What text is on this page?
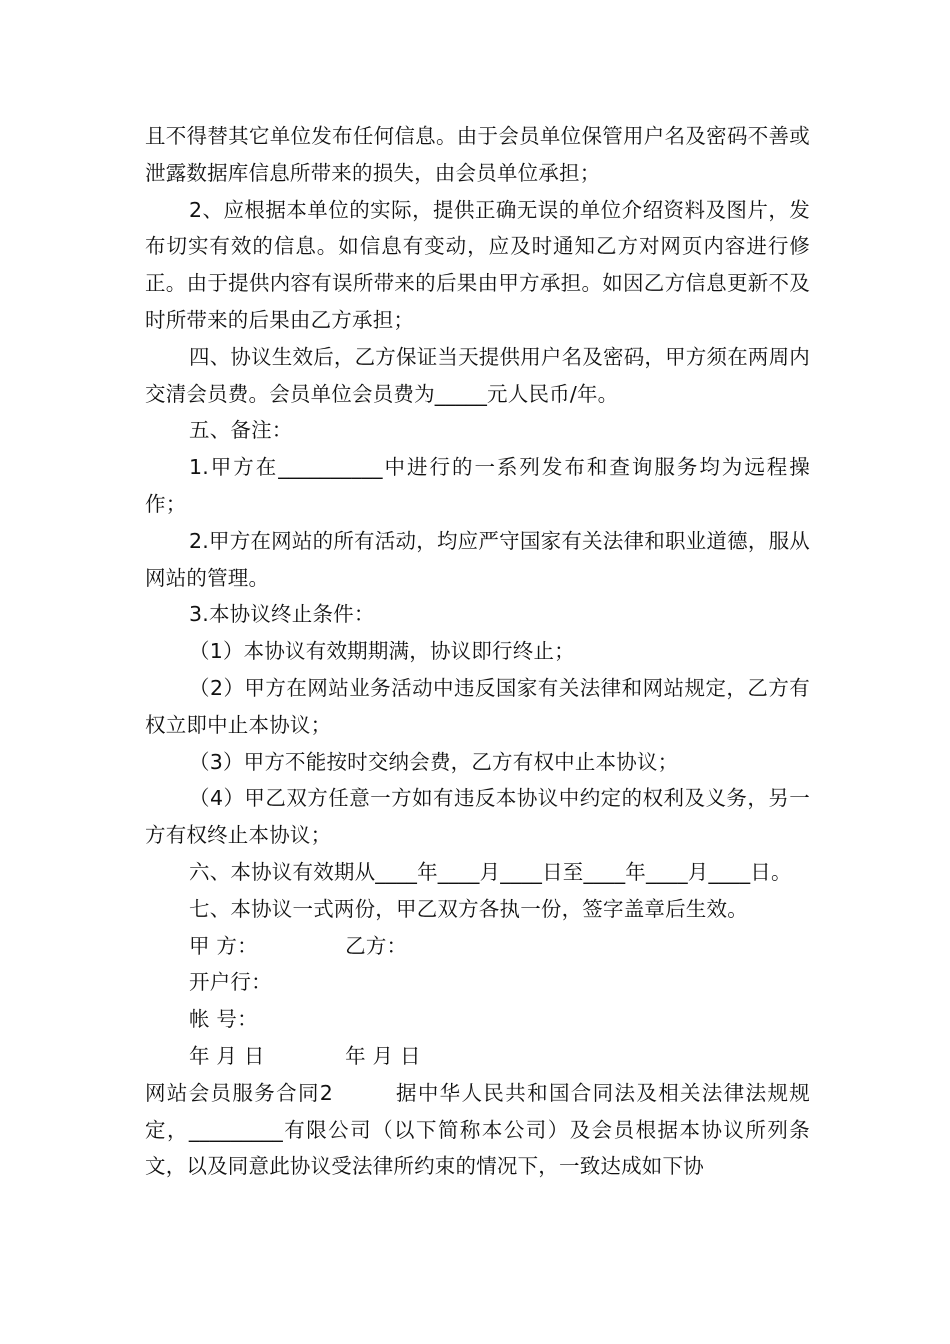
且不得替其它单位发布任何信息。由于会员单位保管用户名及密码不善或泄露数据库信息所带来的损失，由会员单位承担；

2、应根据本单位的实际，提供正确无误的单位介绍资料及图片，发布切实有效的信息。如信息有变动，应及时通知乙方对网页内容进行修正。由于提供内容有误所带来的后果由甲方承担。如因乙方信息更新不及时所带来的后果由乙方承担；

四、协议生效后，乙方保证当天提供用户名及密码，甲方须在两周内交清会员费。会员单位会员费为_____元人民币/年。

五、备注：

1.甲方在__________中进行的一系列发布和查询服务均为远程操作；

2.甲方在网站的所有活动，均应严守国家有关法律和职业道德，服从网站的管理。

3.本协议终止条件：

（1）本协议有效期期满，协议即行终止；

（2）甲方在网站业务活动中违反国家有关法律和网站规定，乙方有权立即中止本协议；

（3）甲方不能按时交纳会费，乙方有权中止本协议；

（4）甲乙双方任意一方如有违反本协议中约定的权利及义务，另一方有权终止本协议；

六、本协议有效期从____年____月____日至____年____月____日。

七、本协议一式两份，甲乙双方各执一份，签字盖章后生效。

甲 方：             乙方：

开户行：

帐 号：

年 月 日            年 月 日

网站会员服务合同2        据中华人民共和国合同法及相关法律法规规定，_________有限公司（以下简称本公司）及会员根据本协议所列条文，以及同意此协议受法律所约束的情况下，一致达成如下协
